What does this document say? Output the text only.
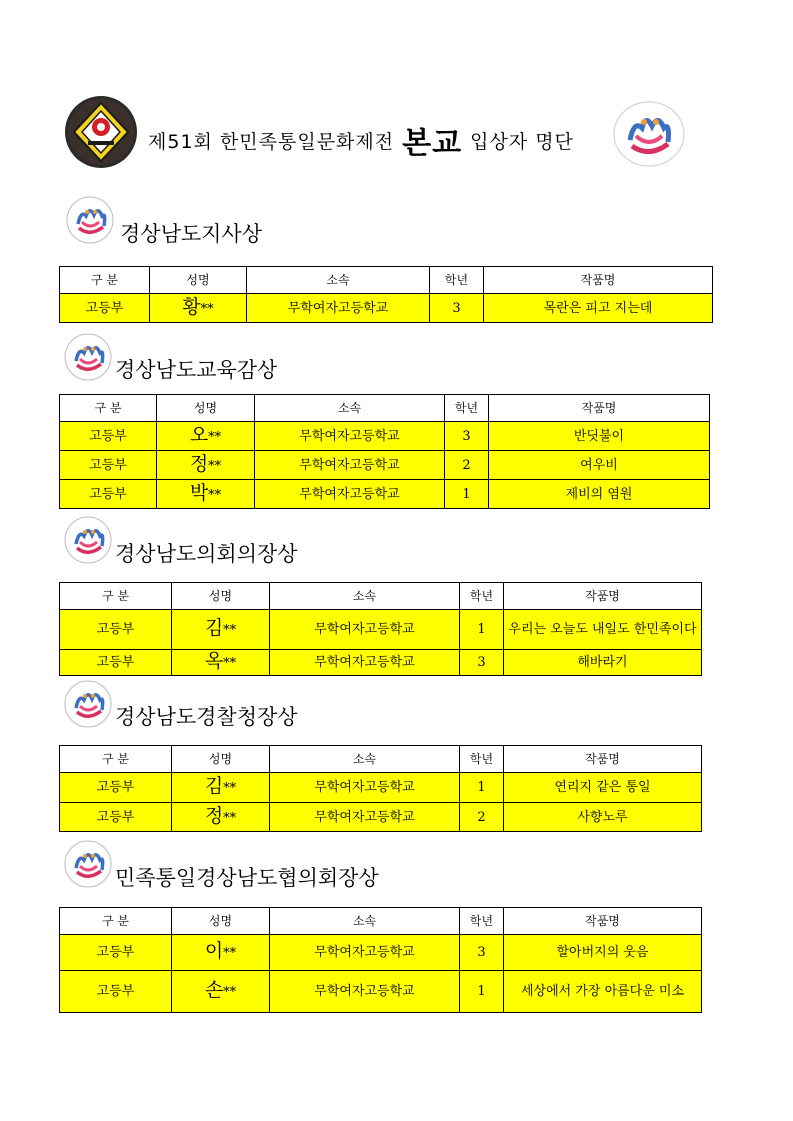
제51회 한민족통일문화제전 본교 입상자 명단
경상남도지사상
구 분	성명	소속	학년	작품명
고등부	황**	무학여자고등학교	3	목란은 피고 지는데
경상남도교육감상
구 분	성명	소속	학년	작품명
고등부	오**	무학여자고등학교	3	반딧불이
고등부	정**	무학여자고등학교	2	여우비
고등부	박**	무학여자고등학교	1	제비의 염원
경상남도의회의장상
구 분	성명	소속	학년	작품명
고등부	김**	무학여자고등학교	1	우리는 오늘도 내일도 한민족이다
고등부	옥**	무학여자고등학교	3	해바라기
경상남도경찰청장상
구 분	성명	소속	학년	작품명
고등부	김**	무학여자고등학교	1	연리지 같은 통일
고등부	정**	무학여자고등학교	2	사향노루
민족통일경상남도협의회장상
구 분	성명	소속	학년	작품명
고등부	이**	무학여자고등학교	3	할아버지의 웃음
고등부	손**	무학여자고등학교	1	세상에서 가장 아름다운 미소
